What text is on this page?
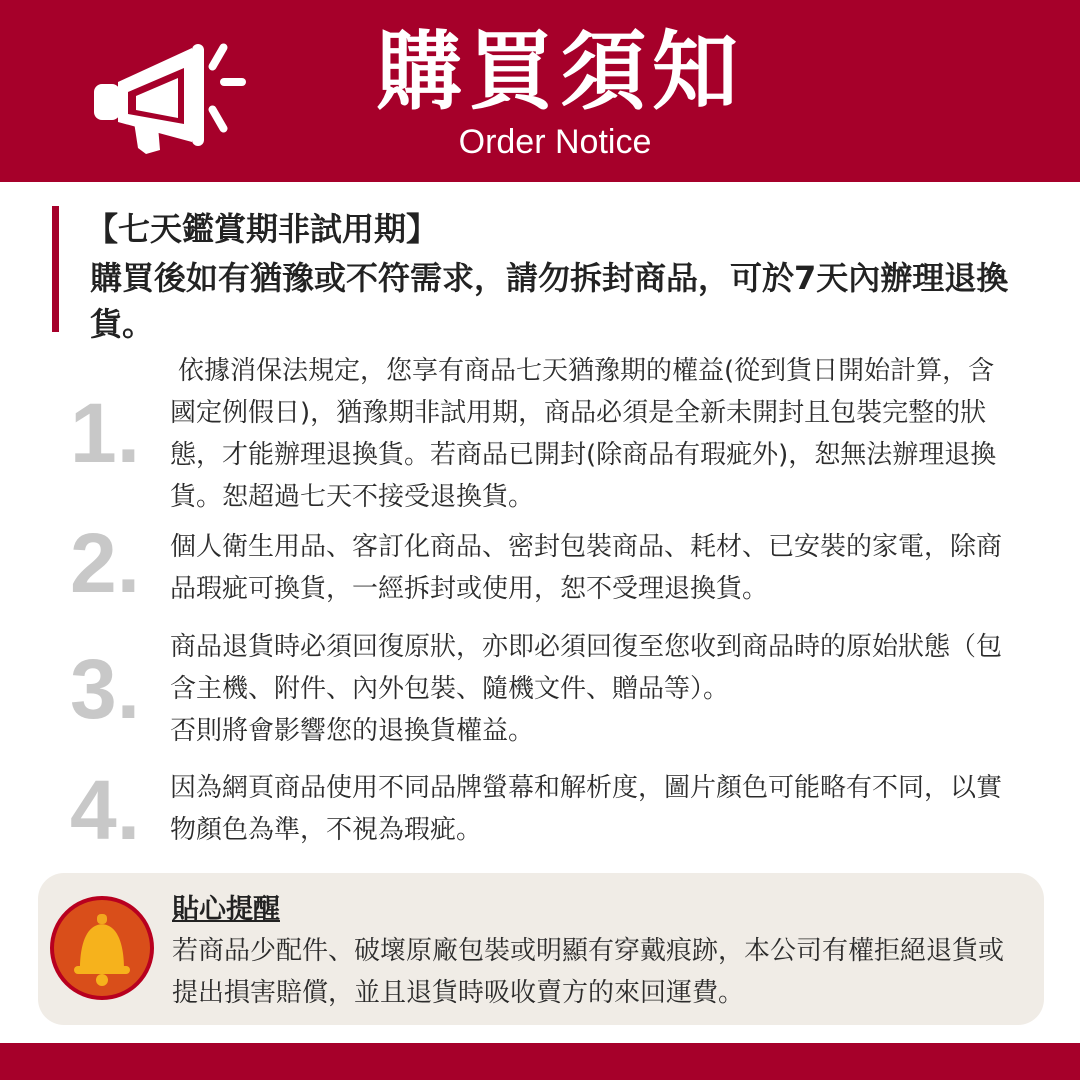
購買須知
Order Notice
【七天鑑賞期非試用期】
購買後如有猶豫或不符需求，請勿拆封商品，可於7天內辦理退換貨。
1.
依據消保法規定，您享有商品七天猶豫期的權益(從到貨日開始計算，含國定例假日)，猶豫期非試用期，商品必須是全新未開封且包裝完整的狀態，才能辦理退換貨。若商品已開封(除商品有瑕疵外)，恕無法辦理退換貨。恕超過七天不接受退換貨。
2. 個人衛生用品、客訂化商品、密封包裝商品、耗材、已安裝的家電，除商品瑕疵可換貨，一經拆封或使用，恕不受理退換貨。
3. 商品退貨時必須回復原狀，亦即必須回復至您收到商品時的原始狀態（包含主機、附件、內外包裝、隨機文件、贈品等）。
否則將會影響您的退換貨權益。
4. 因為網頁商品使用不同品牌螢幕和解析度，圖片顏色可能略有不同，以實物顏色為準，不視為瑕疵。
貼心提醒
若商品少配件、破壞原廠包裝或明顯有穿戴痕跡，本公司有權拒絕退貨或提出損害賠償，並且退貨時吸收賣方的來回運費。
